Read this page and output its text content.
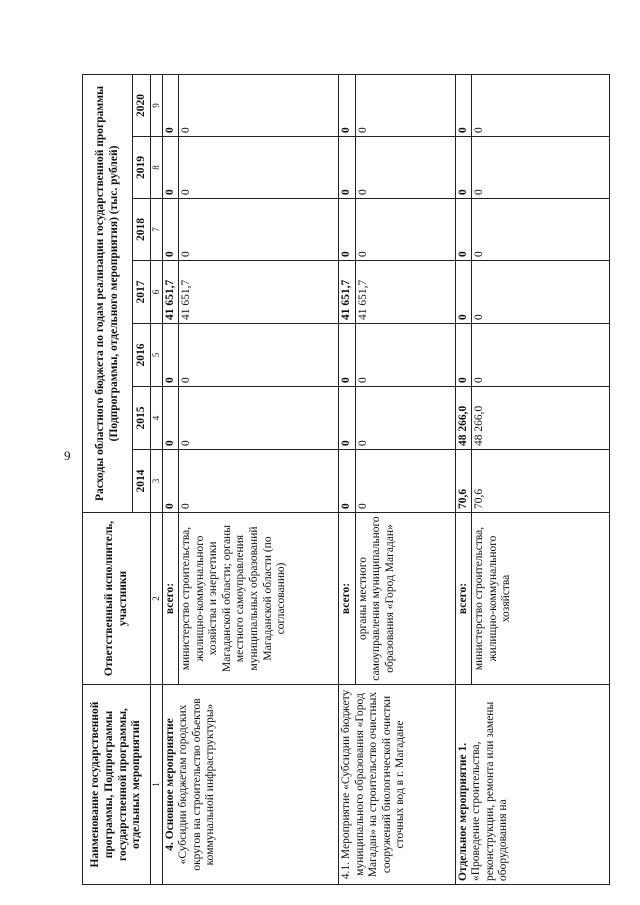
9
Наименование государственной программы, Подпрограммы государственной программы, отдельных мероприятий	Ответственный исполнитель, участники	Расходы областного бюджета по годам реализации государственной программы (Подпрограммы, отдельного мероприятия) (тыс. рублей)						
		2014	2015	2016	2017	2018	2019	2020
1	2	3	4	5	6	7	8	9
4. Основное мероприятие «Субсидии бюджетам городских округов на строительство объектов коммунальной инфраструктуры»	всего:	0	0	0	41 651,7	0	0	0
	министерство строительства, жилищно-коммунального хозяйства и энергетики Магаданской области; органы местного самоуправления муниципальных образований Магаданской области (по согласованию)	0	0	0	41 651,7	0	0	0
4.1. Мероприятие «Субсидии бюджету муниципального образования «Город Магадан» на строительство очистных сооружений биологической очистки сточных вод в г. Магадане	всего:	0	0	0	41 651,7	0	0	0
	органы местного самоуправления муниципального образования «Город Магадан»	0	0	0	41 651,7	0	0	0
Отдельное мероприятие 1. «Проведение строительства, реконструкции, ремонта или замены оборудования на	всего:	70,6	48 266,0	0	0	0	0	0
	министерство строительства, жилищно-коммунального хозяйства	70,6	48 266,0	0	0	0	0	0
